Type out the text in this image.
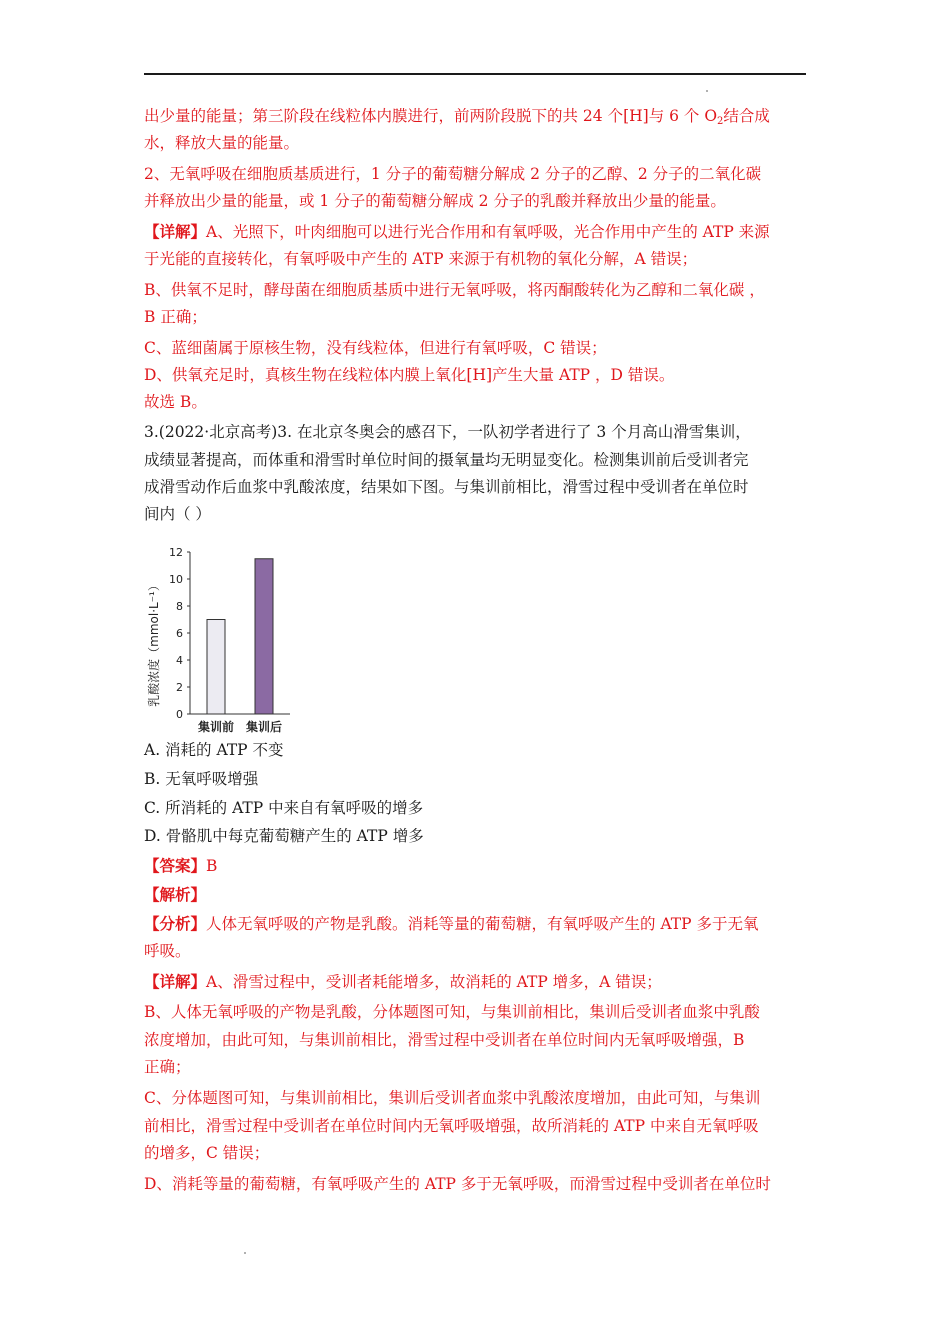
出少量的能量；第三阶段在线粒体内膜进行，前两阶段脱下的共 24 个[H]与 6 个 $O_2$结合成
水，释放大量的能量。
2、无氧呼吸在细胞质基质进行，1 分子的葡萄糖分解成 2 分子的乙醇、2 分子的二氧化碳
并释放出少量的能量，或 1 分子的葡萄糖分解成 2 分子的乳酸并释放出少量的能量。
【详解】A、光照下，叶肉细胞可以进行光合作用和有氧呼吸，光合作用中产生的 ATP 来源
于光能的直接转化，有氧呼吸中产生的 ATP 来源于有机物的氧化分解，A 错误；
B、供氧不足时，酵母菌在细胞质基质中进行无氧呼吸，将丙酮酸转化为乙醇和二氧化碳 ，
B 正确；
C、蓝细菌属于原核生物，没有线粒体，但进行有氧呼吸，C 错误；
D、供氧充足时，真核生物在线粒体内膜上氧化[H]产生大量 ATP ，D 错误。
故选 B。
3.(2022·北京高考)3. 在北京冬奥会的感召下，一队初学者进行了 3 个月高山滑雪集训，
成绩显著提高，而体重和滑雪时单位时间的摄氧量均无明显变化。检测集训前后受训者完
成滑雪动作后血浆中乳酸浓度，结果如下图。与集训前相比，滑雪过程中受训者在单位时
间内（ ）
A. 消耗的 ATP 不变
B. 无氧呼吸增强
C. 所消耗的 ATP 中来自有氧呼吸的增多
D. 骨骼肌中每克葡萄糖产生的 ATP 增多
【答案】B
【解析】
【分析】人体无氧呼吸的产物是乳酸。消耗等量的葡萄糖，有氧呼吸产生的 ATP 多于无氧
呼吸。
【详解】A、滑雪过程中，受训者耗能增多，故消耗的 ATP 增多，A 错误；
B、人体无氧呼吸的产物是乳酸，分体题图可知，与集训前相比，集训后受训者血浆中乳酸
浓度增加，由此可知，与集训前相比，滑雪过程中受训者在单位时间内无氧呼吸增强，B
正确；
C、分体题图可知，与集训前相比，集训后受训者血浆中乳酸浓度增加，由此可知，与集训
前相比，滑雪过程中受训者在单位时间内无氧呼吸增强，故所消耗的 ATP 中来自无氧呼吸
的增多，C 错误；
D、消耗等量的葡萄糖，有氧呼吸产生的 ATP 多于无氧呼吸，而滑雪过程中受训者在单位时
0
2
4
6
8
10
12
集训前 集训后
乳酸浓度（mmol·L⁻¹）
